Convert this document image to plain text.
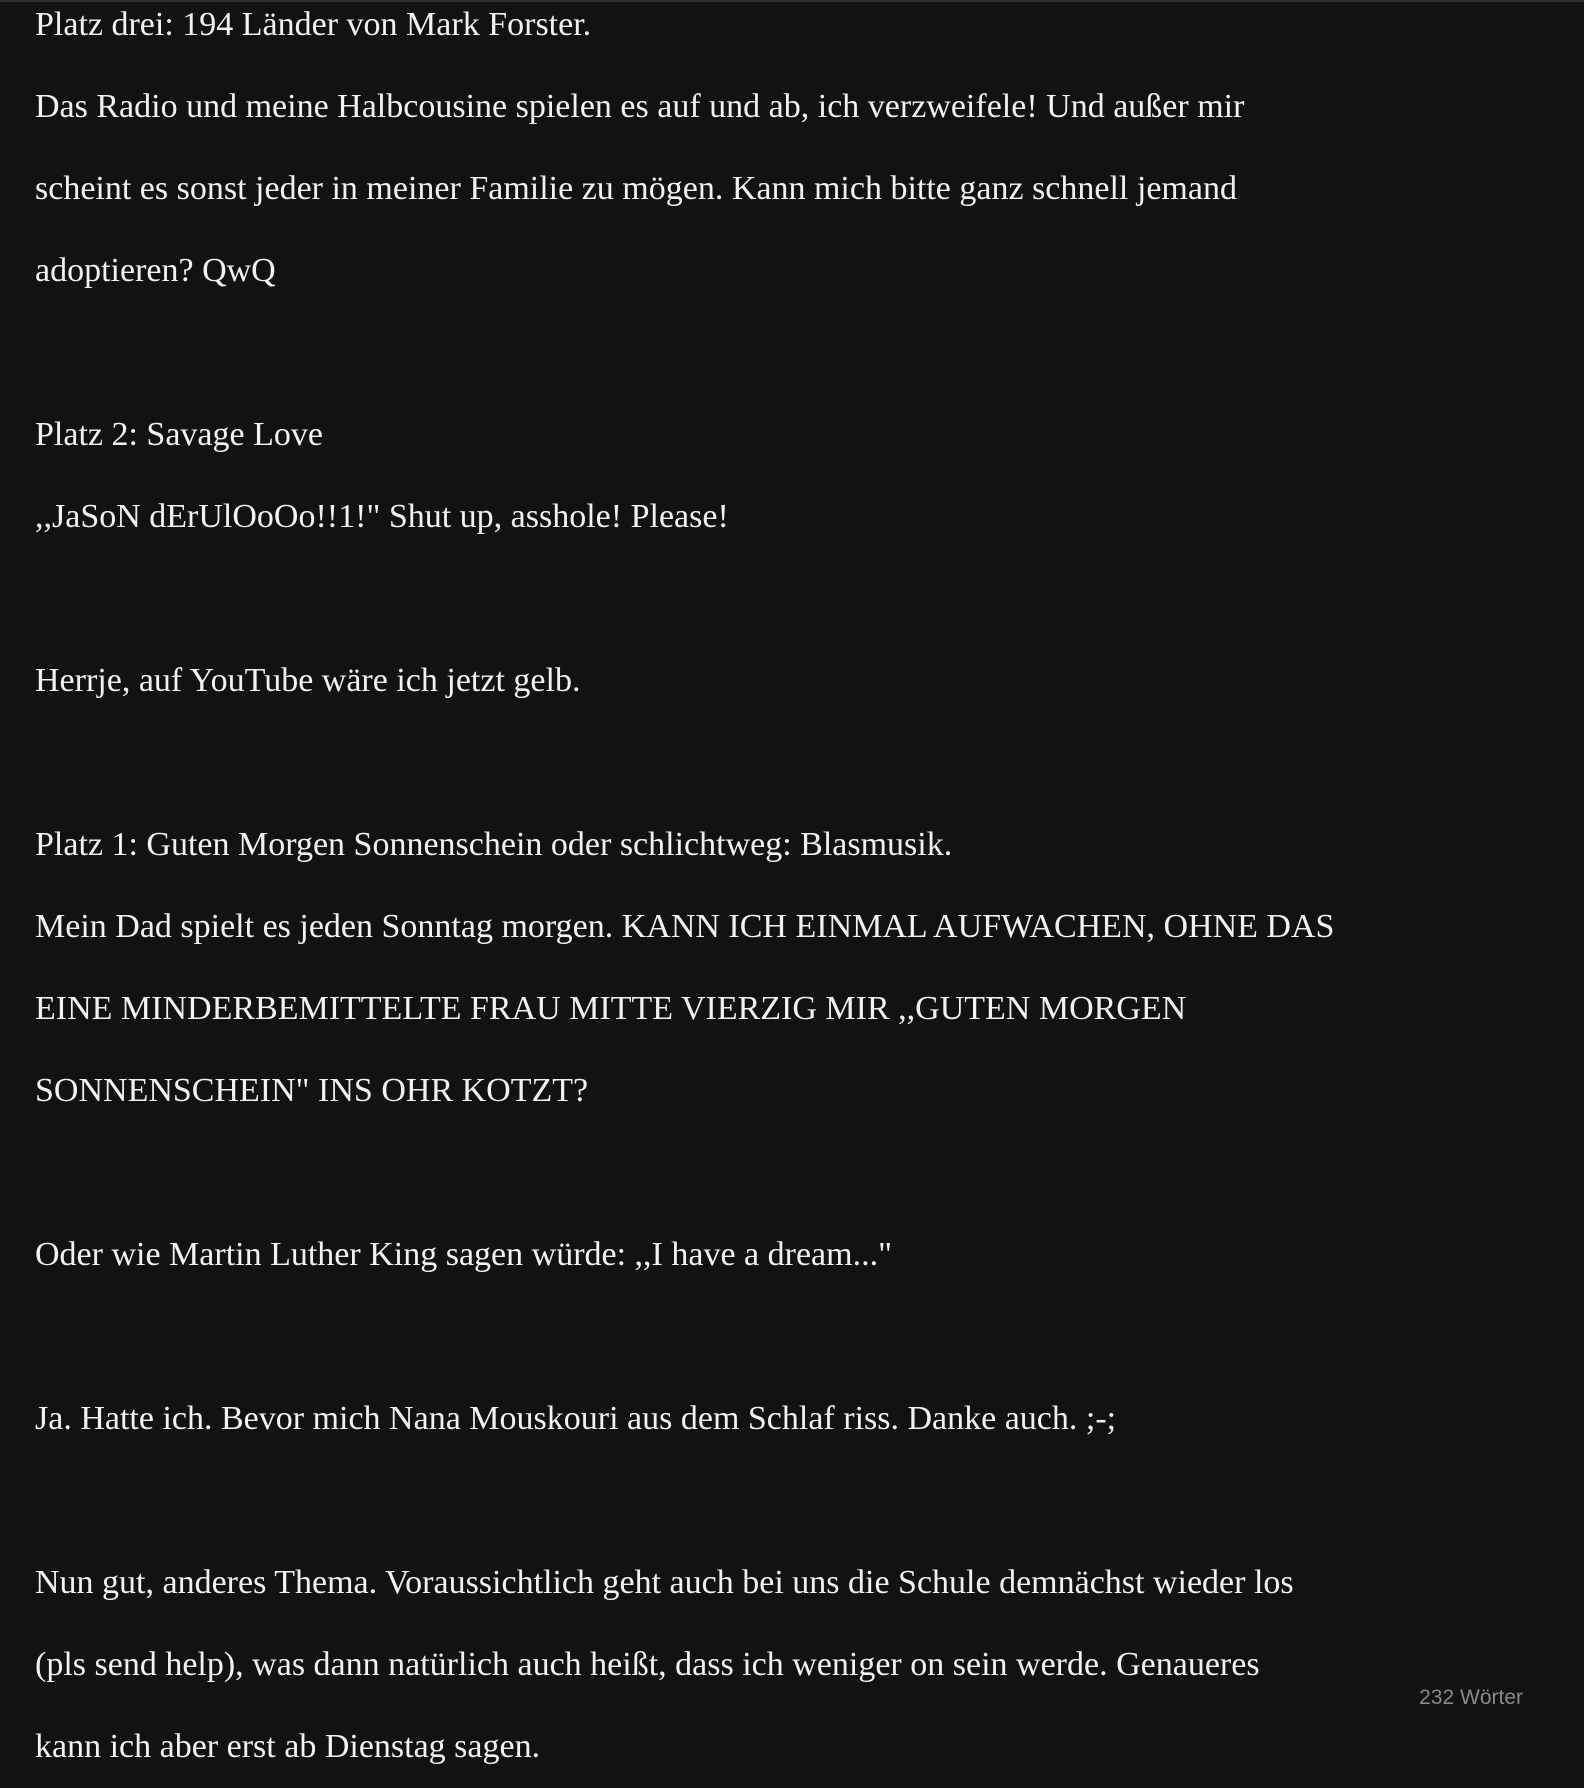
Platz drei: 194 Länder von Mark Forster.

Das Radio und meine Halbcousine spielen es auf und ab, ich verzweifele! Und außer mir

scheint es sonst jeder in meiner Familie zu mögen. Kann mich bitte ganz schnell jemand

adoptieren? QwQ

Platz 2: Savage Love

,,JaSoN dErUlOoOo!!1!" Shut up, asshole! Please!

Herrje, auf YouTube wäre ich jetzt gelb.

Platz 1: Guten Morgen Sonnenschein oder schlichtweg: Blasmusik.

Mein Dad spielt es jeden Sonntag morgen. KANN ICH EINMAL AUFWACHEN, OHNE DAS

EINE MINDERBEMITTELTE FRAU MITTE VIERZIG MIR ,,GUTEN MORGEN

SONNENSCHEIN" INS OHR KOTZT?

Oder wie Martin Luther King sagen würde: ,,I have a dream..."

Ja. Hatte ich. Bevor mich Nana Mouskouri aus dem Schlaf riss. Danke auch. ;-;

Nun gut, anderes Thema. Voraussichtlich geht auch bei uns die Schule demnächst wieder los

(pls send help), was dann natürlich auch heißt, dass ich weniger on sein werde. Genaueres

kann ich aber erst ab Dienstag sagen.

232 Wörter
